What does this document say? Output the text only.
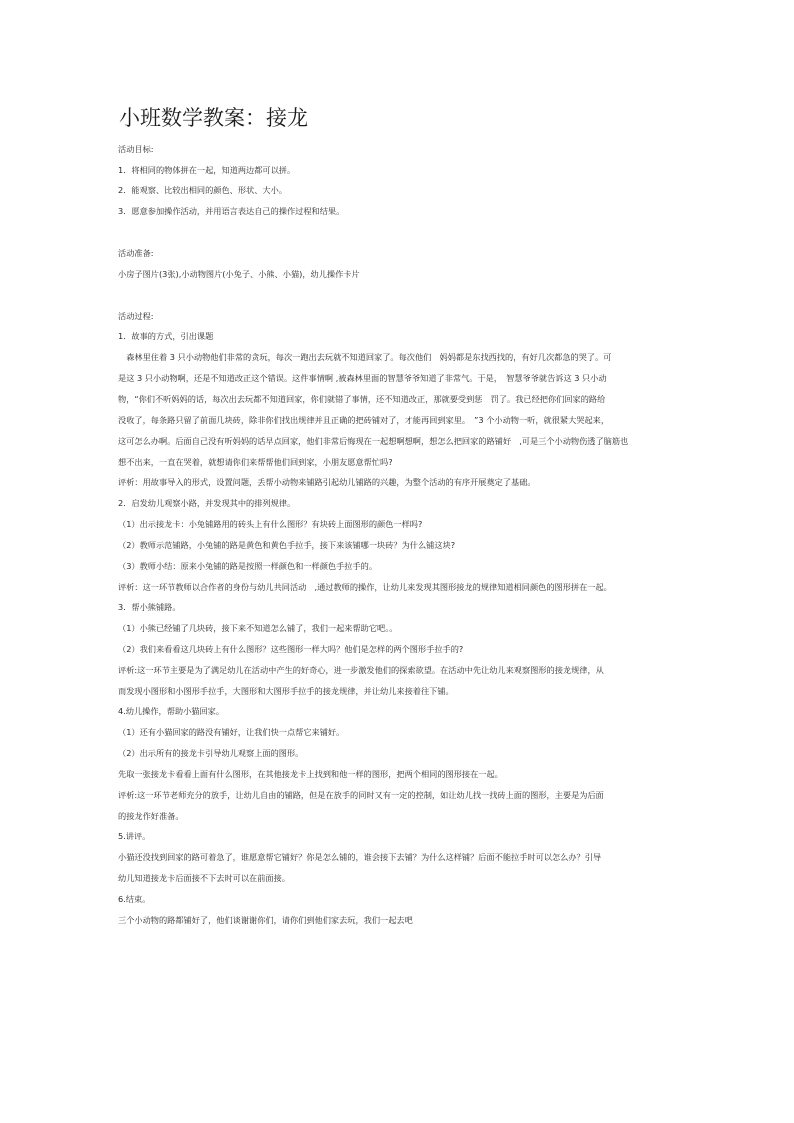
小班数学教案：接龙
活动目标:
1．将相同的物体拼在一起，知道两边都可以拼。
2．能观察、比较出相同的颜色、形状、大小。
3．愿意参加操作活动，并用语言表达自己的操作过程和结果。
活动准备:
小房子图片(3张),小动物图片(小兔子、小熊、小猫)，幼儿操作卡片
活动过程:
1．故事的方式，引出课题
　森林里住着 3 只小动物他们非常的贪玩，每次一跑出去玩就不知道回家了。每次他们　妈妈都是东找西找的，有好几次都急的哭了。可
是这 3 只小动物啊，还是不知道改正这个错误。这件事情啊 ,被森林里面的智慧爷爷知道了非常气。于是，　智慧爷爷就告诉这 3 只小动
物，“你们不听妈妈的话，每次出去玩都不知道回家，你们就错了事情，还不知道改正，那就要受到惩　罚了。我已经把你们回家的路给
没收了，每条路只留了前面几块砖，除非你们找出规律并且正确的把砖铺对了，才能再回到家里。　”3 个小动物一听，就很紧大哭起来，
这可怎么办啊。后面自己没有听妈妈的话早点回家，他们非常后悔现在一起想啊想啊，想怎么把回家的路铺好　,可是三个小动物伤透了脑筋也
想不出来，一直在哭着，就想请你们来帮帮他们回到家，小朋友愿意帮忙吗?
评析：用故事导入的形式，设置问题，丢帮小动物来铺路引起幼儿铺路的兴趣，为整个活动的有序开展奠定了基础。
2．启发幼儿观察小路，并发现其中的排列规律。
（1）出示接龙卡：小兔铺路用的砖头上有什么图形？有块砖上面图形的颜色一样吗?
（2）教师示范铺路，小兔铺的路是黄色和黄色手拉手，接下来该铺哪一块砖？为什么铺这块?
（3）教师小结：原来小兔铺的路是按照一样颜色和一样颜色手拉手的。
评析：这一环节教师以合作者的身份与幼儿共同活动　,通过教师的操作，让幼儿来发现其图形接龙的规律知道相同颜色的图形拼在一起。
3．帮小熊铺路。
（1）小熊已经铺了几块砖，接下来不知道怎么铺了，我们一起来帮助它吧。。
（2）我们来看看这几块砖上有什么图形？这些图形一样大吗？他们是怎样的两个图形手拉手的?
评析:这一环节主要是为了满足幼儿在活动中产生的好奇心，进一步激发他们的探索欲望。在活动中先让幼儿来观察图形的接龙规律，从
而发现小图形和小图形手拉手，大图形和大图形手拉手的接龙规律，并让幼儿来接着往下铺。
4.幼儿操作，帮助小猫回家。
（1）还有小猫回家的路没有铺好，让我们快一点帮它来铺好。
（2）出示所有的接龙卡引导幼儿观察上面的图形。
先取一张接龙卡看看上面有什么图形，在其他接龙卡上找到和他一样的图形，把两个相同的图形接在一起。
评析:这一环节老师充分的放手，让幼儿自由的铺路，但是在放手的同时又有一定的控制，如让幼儿找一找砖上面的图形，主要是为后面
的接龙作好准备。
5.讲评。
小猫还没找到回家的路可着急了，谁愿意帮它铺好？你是怎么铺的，谁会接下去铺？为什么这样铺？后面不能拉手时可以怎么办？引导
幼儿知道接龙卡后面接不下去时可以在前面接。
6.结束。
三个小动物的路都铺好了，他们谈谢谢你们，请你们到他们家去玩，我们一起去吧
